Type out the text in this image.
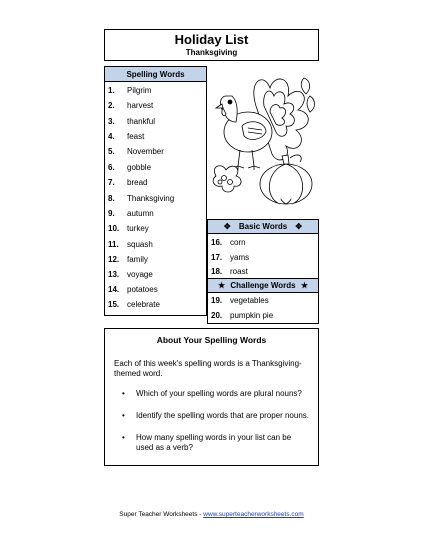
Holiday List
Thanksgiving
Spelling Words
1. Pilgrim
2. harvest
3. thankful
4. feast
5. November
6. gobble
7. bread
8. Thanksgiving
9. autumn
10. turkey
11. squash
12. family
13. voyage
14. potatoes
15. celebrate
✥ Basic Words ✥
16. corn
17. yams
18. roast
★ Challenge Words ★
19. vegetables
20. pumpkin pie
About Your Spelling Words
Each of this week's spelling words is a Thanksgiving-themed word.
• Which of your spelling words are plural nouns?
• Identify the spelling words that are proper nouns.
• How many spelling words in your list can be used as a verb?
Super Teacher Worksheets - www.superteacherworksheets.com
